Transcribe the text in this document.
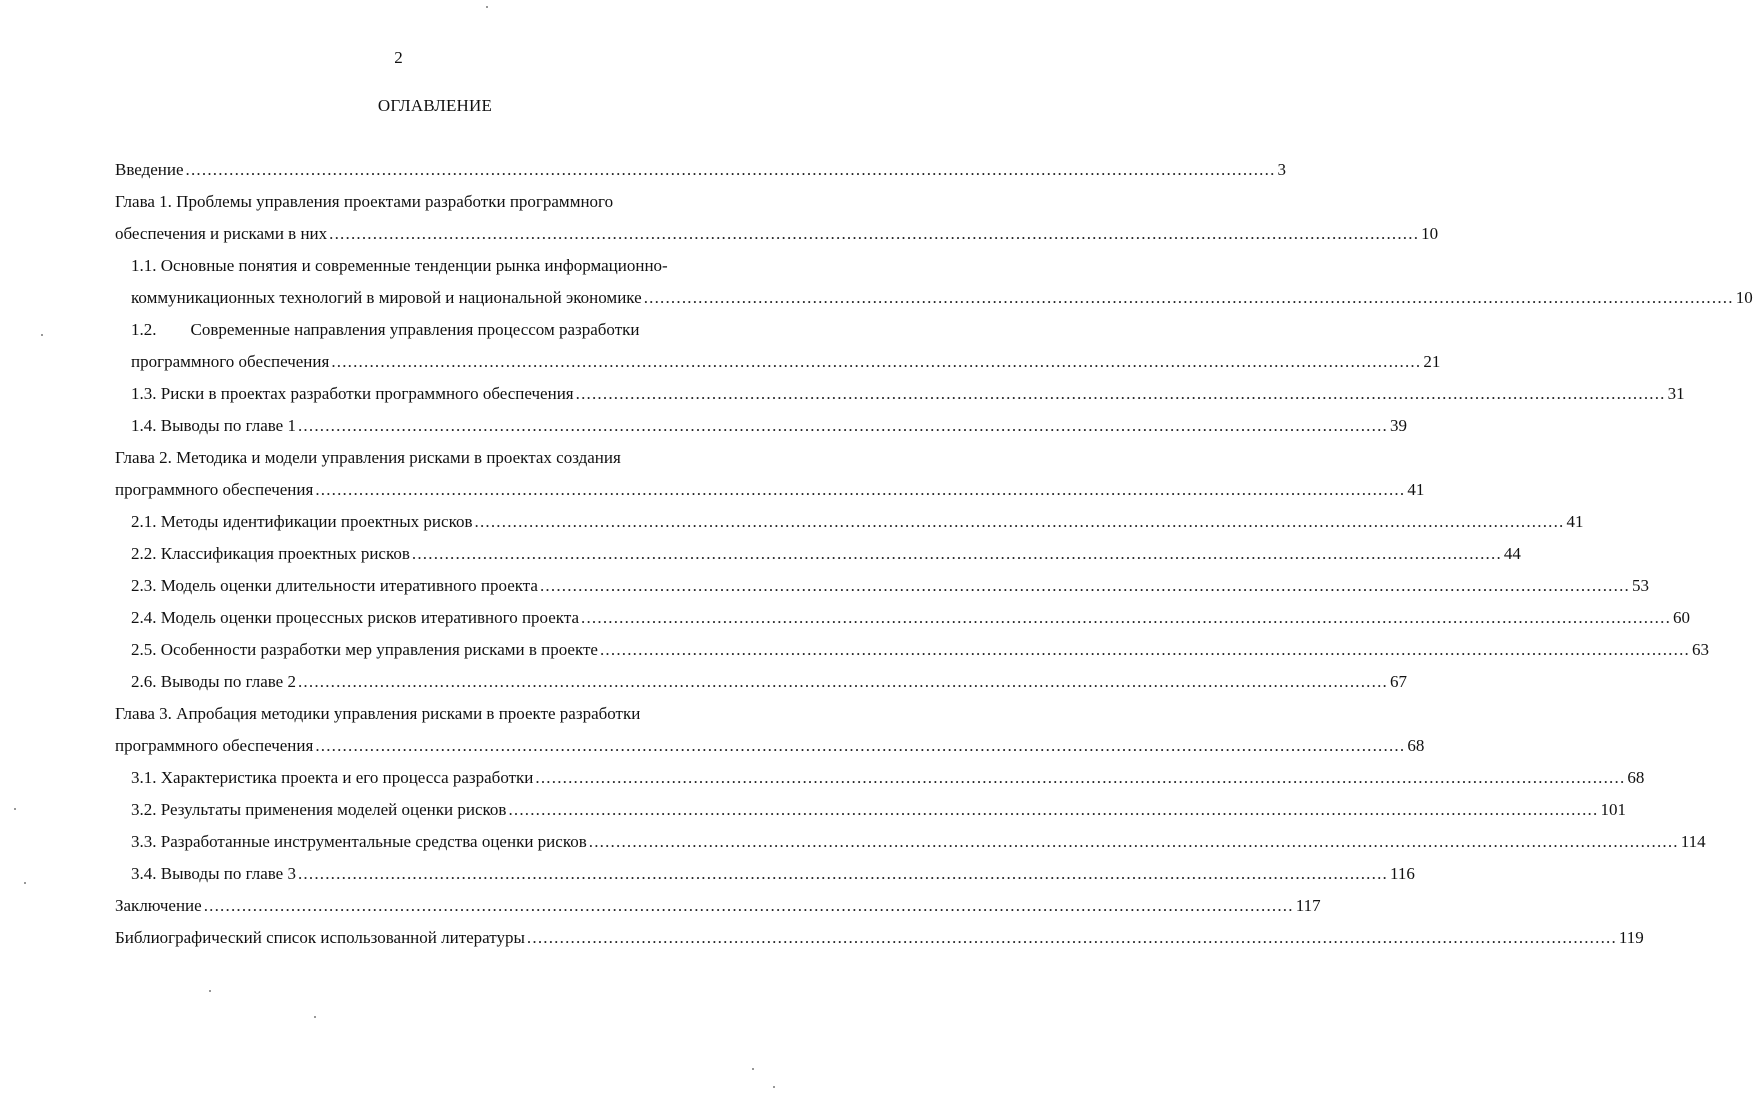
2
ОГЛАВЛЕНИЕ
Введение ........................................................................................................................................................................................................ 3
Глава 1. Проблемы управления проектами разработки программного
обеспечения и рисками в них ........................................................................................................................................................................................................ 10
1.1. Основные понятия и современные тенденции рынка информационно-
коммуникационных технологий в мировой и национальной экономике ........................................................................................................................................................................................................ 10
1.2.  Современные направления управления процессом разработки
программного обеспечения ........................................................................................................................................................................................................ 21
1.3. Риски в проектах разработки программного обеспечения ........................................................................................................................................................................................................ 31
1.4. Выводы по главе 1 ........................................................................................................................................................................................................ 39
Глава 2. Методика и модели управления рисками в проектах создания
программного обеспечения ........................................................................................................................................................................................................ 41
2.1. Методы идентификации проектных рисков ........................................................................................................................................................................................................ 41
2.2. Классификация проектных рисков ........................................................................................................................................................................................................ 44
2.3. Модель оценки длительности итеративного проекта ........................................................................................................................................................................................................ 53
2.4. Модель оценки процессных рисков итеративного проекта ........................................................................................................................................................................................................ 60
2.5. Особенности разработки мер управления рисками в проекте ........................................................................................................................................................................................................ 63
2.6. Выводы по главе 2 ........................................................................................................................................................................................................ 67
Глава 3. Апробация методики управления рисками в проекте разработки
программного обеспечения ........................................................................................................................................................................................................ 68
3.1. Характеристика проекта и его процесса разработки ........................................................................................................................................................................................................ 68
3.2. Результаты применения моделей оценки рисков ........................................................................................................................................................................................................ 101
3.3. Разработанные инструментальные средства оценки рисков ........................................................................................................................................................................................................ 114
3.4. Выводы по главе 3 ........................................................................................................................................................................................................ 116
Заключение ........................................................................................................................................................................................................ 117
Библиографический список использованной литературы ........................................................................................................................................................................................................ 119
